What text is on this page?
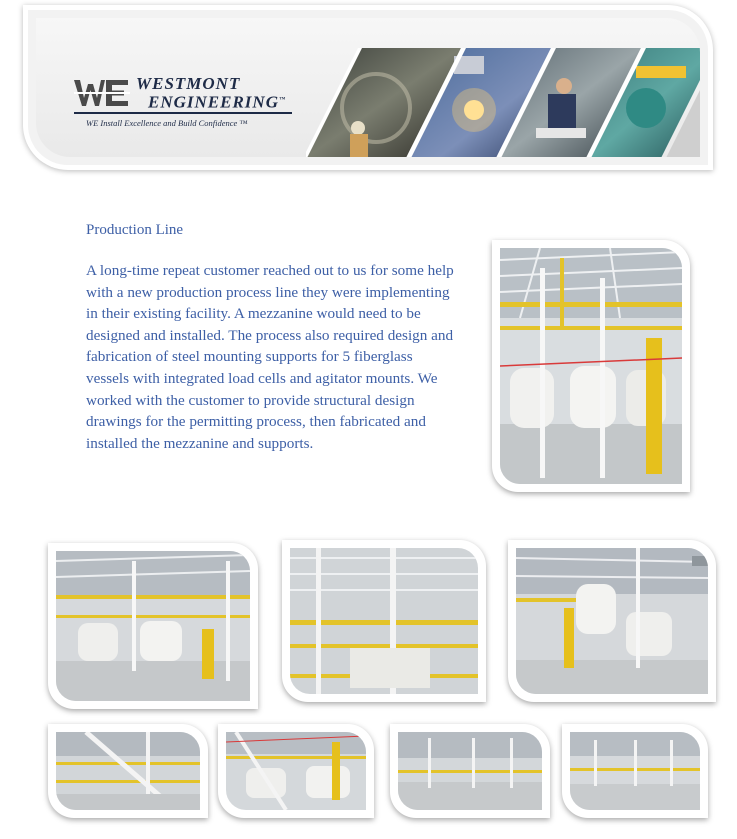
WESTMONT
ENGINEERING™
WE Install Excellence and Build Confidence ™
Production Line

A long-time repeat customer reached out to us for some help with a new production process line they were implementing in their existing facility. A mezzanine would need to be designed and installed. The process also required design and fabrication of steel mounting supports for 5 fiberglass vessels with integrated load cells and agitator mounts. We worked with the customer to provide structural design drawings for the permitting process, then fabricated and installed the mezzanine and supports.
